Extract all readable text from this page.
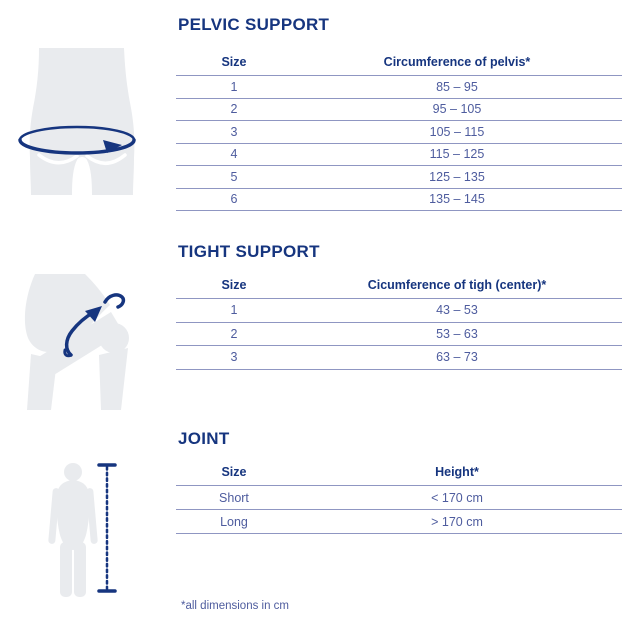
PELVIC SUPPORT
Size	Circumference of pelvis*
1	85 – 95
2	95 – 105
3	105 – 115
4	115 – 125
5	125 – 135
6	135 – 145
TIGHT SUPPORT
Size	Cicumference of tigh (center)*
1	43 – 53
2	53 – 63
3	63 – 73
JOINT
Size	Height*
Short	< 170 cm
Long	> 170 cm
*all dimensions in cm
